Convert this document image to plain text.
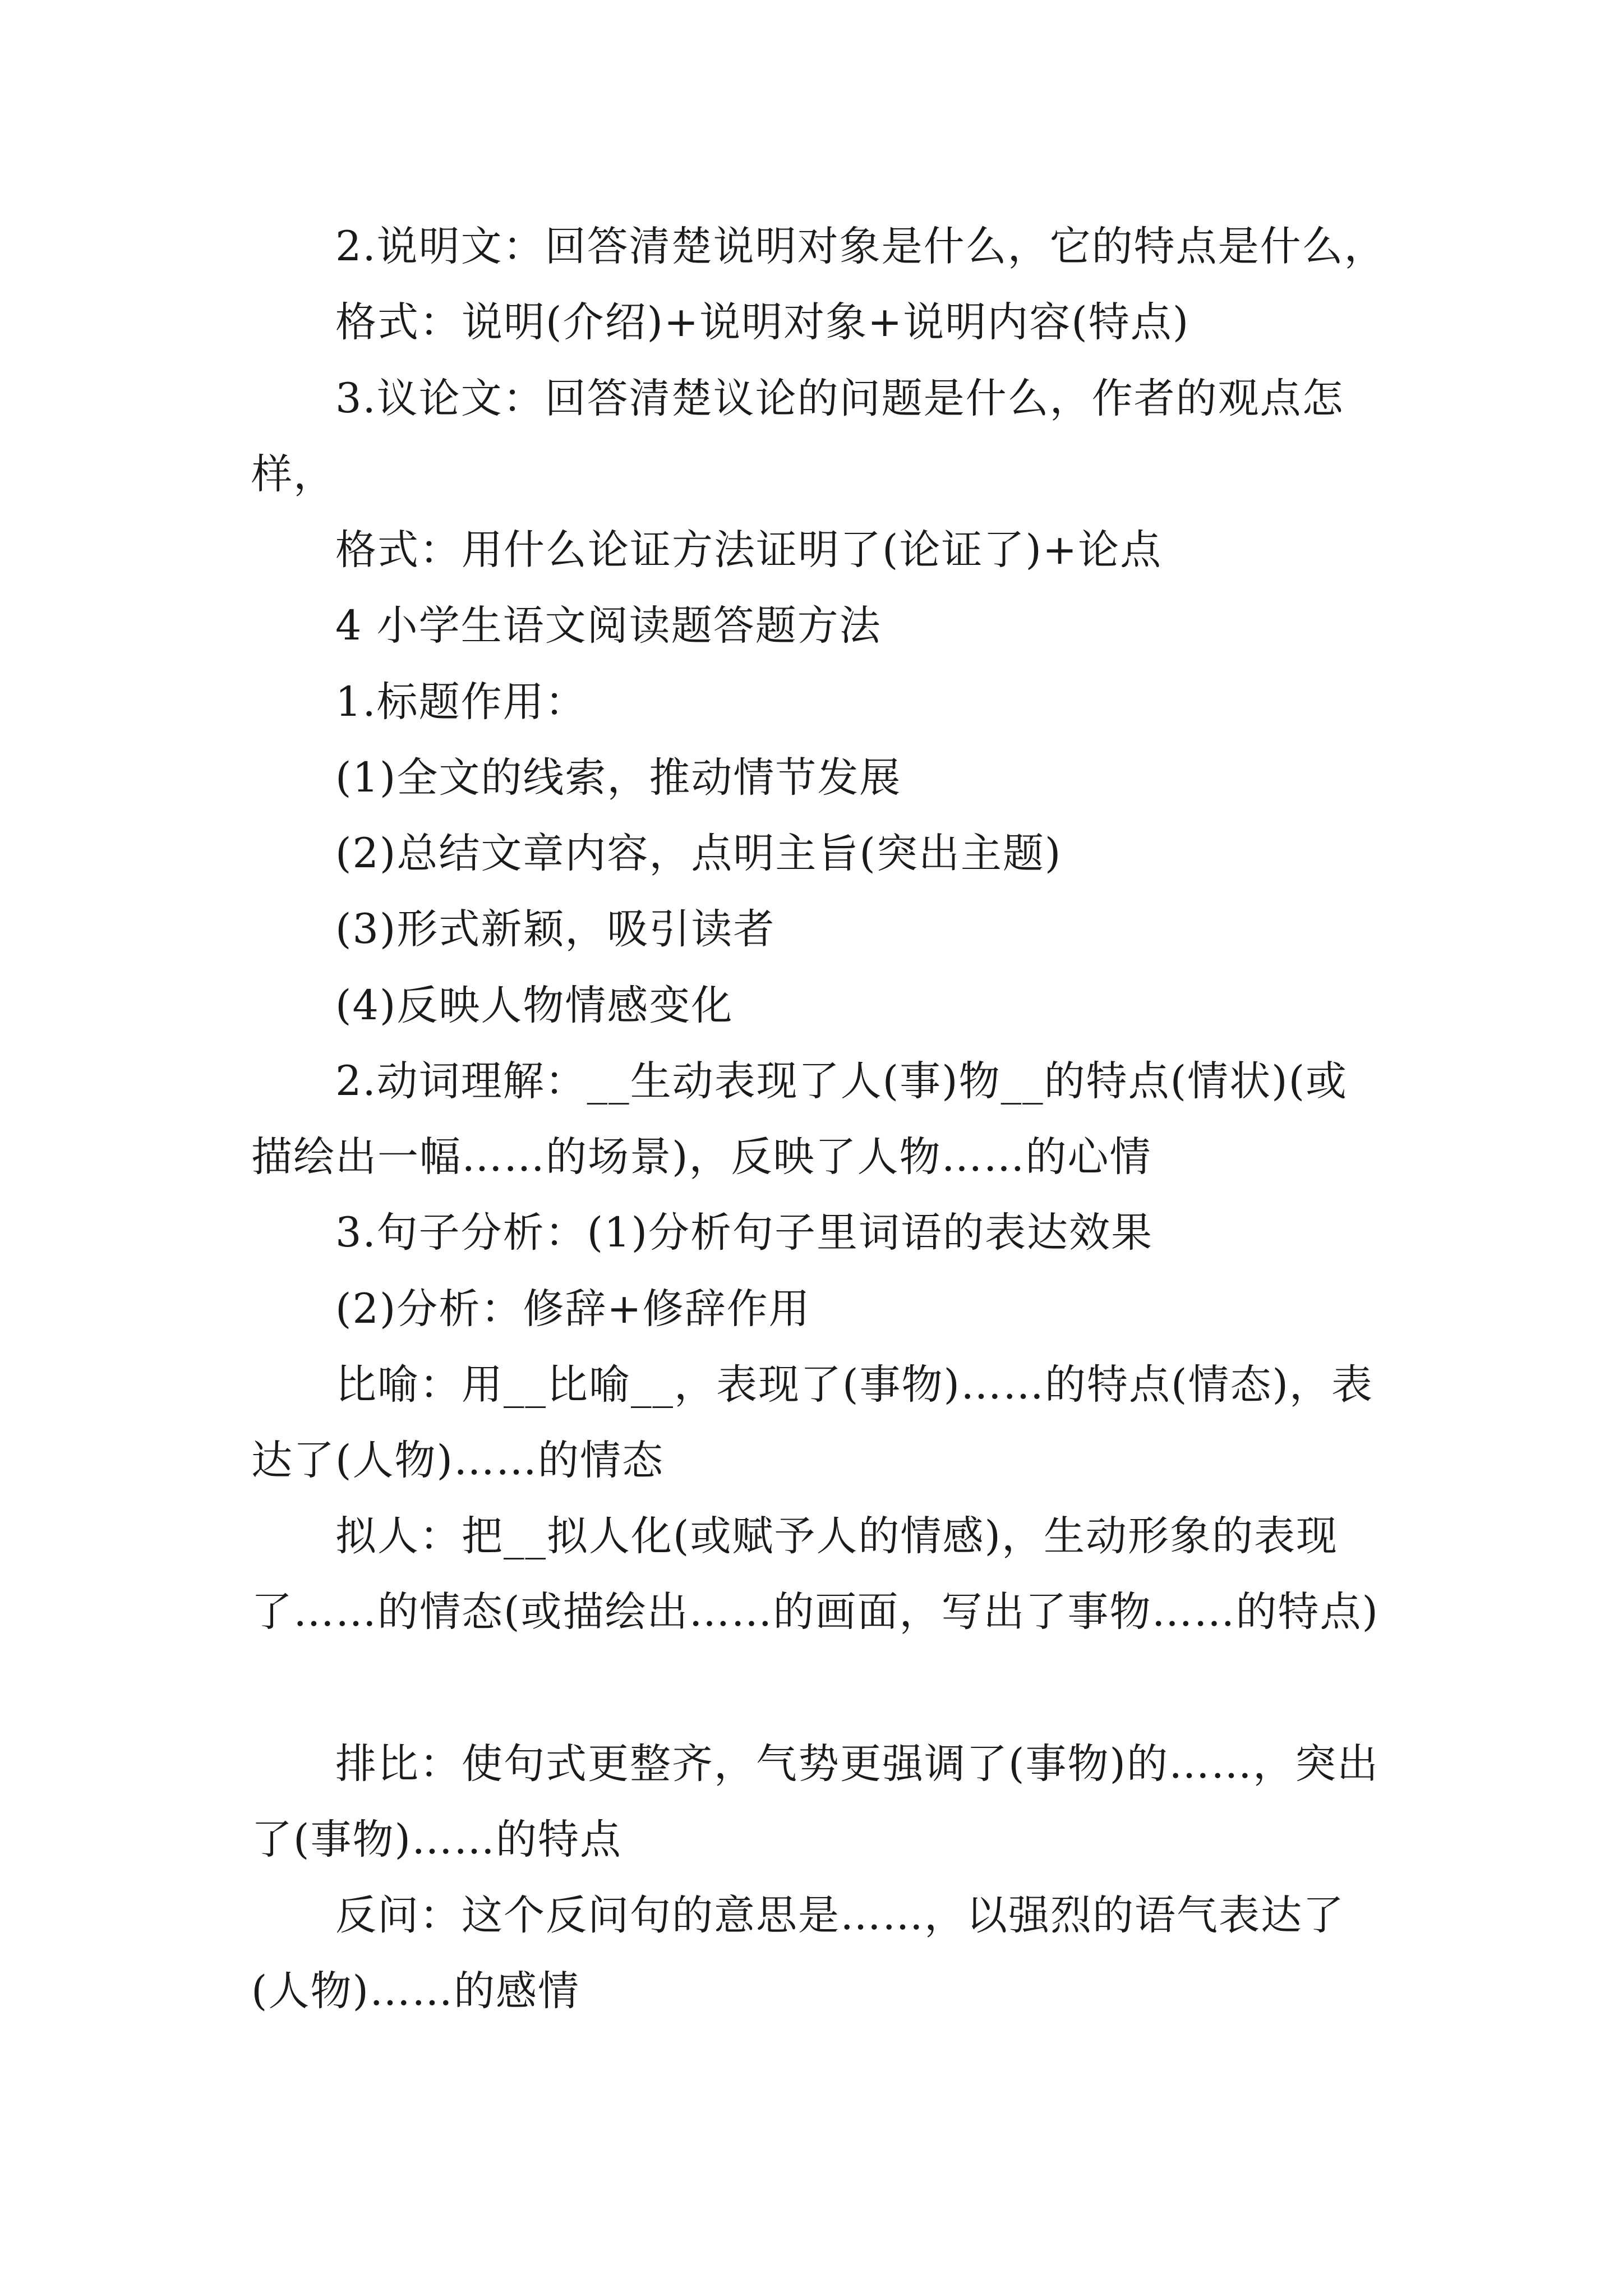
2.说明文：回答清楚说明对象是什么，它的特点是什么，
格式：说明(介绍)+说明对象+说明内容(特点)
3.议论文：回答清楚议论的问题是什么，作者的观点怎样，
格式：用什么论证方法证明了(论证了)+论点
4 小学生语文阅读题答题方法
1.标题作用：
(1)全文的线索，推动情节发展
(2)总结文章内容，点明主旨(突出主题)
(3)形式新颖，吸引读者
(4)反映人物情感变化
2.动词理解：__生动表现了人(事)物__的特点(情状)(或描绘出一幅……的场景)，反映了人物……的心情
3.句子分析：(1)分析句子里词语的表达效果
(2)分析：修辞+修辞作用
比喻：用__比喻__，表现了(事物)……的特点(情态)，表达了(人物)……的情态
拟人：把__拟人化(或赋予人的情感)，生动形象的表现了……的情态(或描绘出……的画面，写出了事物……的特点)
排比：使句式更整齐，气势更强调了(事物)的……，突出了(事物)……的特点
反问：这个反问句的意思是……，以强烈的语气表达了(人物)……的感情
